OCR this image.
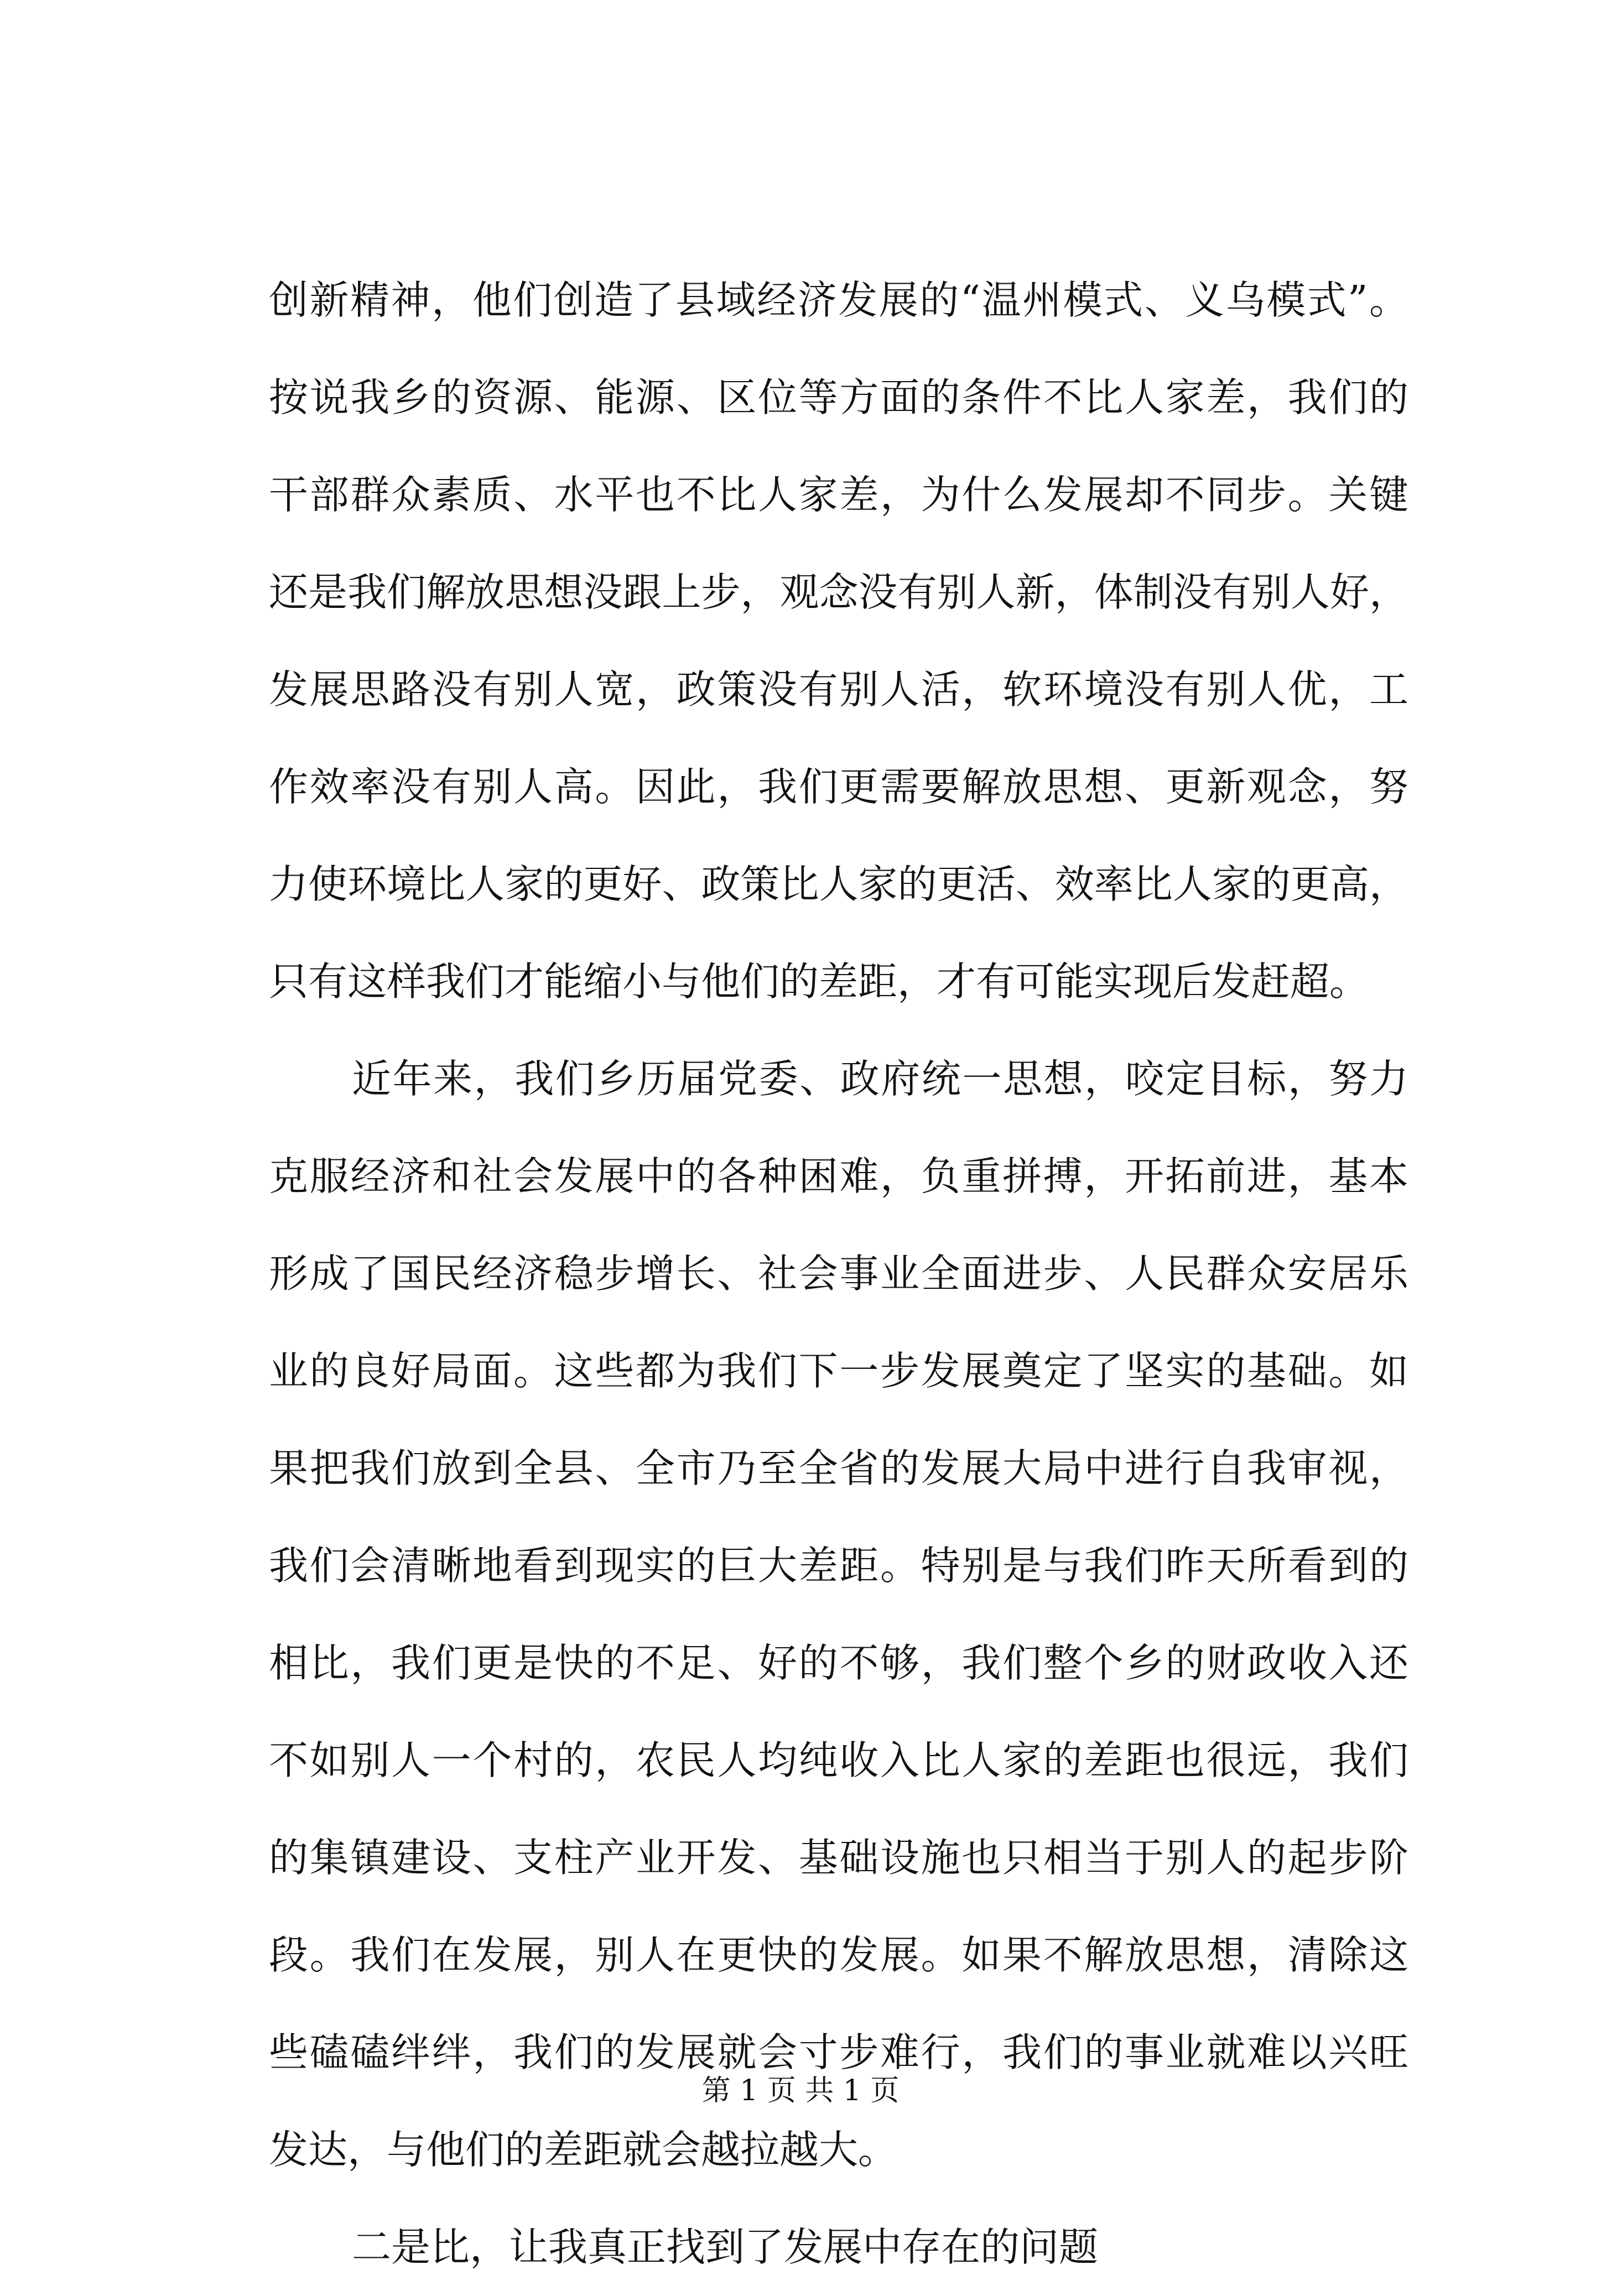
创新精神，他们创造了县域经济发展的“温州模式、义乌模式”。
按说我乡的资源、能源、区位等方面的条件不比人家差，我们的
干部群众素质、水平也不比人家差，为什么发展却不同步。关键
还是我们解放思想没跟上步，观念没有别人新，体制没有别人好，
发展思路没有别人宽，政策没有别人活，软环境没有别人优，工
作效率没有别人高。因此，我们更需要解放思想、更新观念，努
力使环境比人家的更好、政策比人家的更活、效率比人家的更高，
只有这样我们才能缩小与他们的差距，才有可能实现后发赶超。
近年来，我们乡历届党委、政府统一思想，咬定目标，努力
克服经济和社会发展中的各种困难，负重拼搏，开拓前进，基本
形成了国民经济稳步增长、社会事业全面进步、人民群众安居乐
业的良好局面。这些都为我们下一步发展奠定了坚实的基础。如
果把我们放到全县、全市乃至全省的发展大局中进行自我审视，
我们会清晰地看到现实的巨大差距。特别是与我们昨天所看到的
相比，我们更是快的不足、好的不够，我们整个乡的财政收入还
不如别人一个村的，农民人均纯收入比人家的差距也很远，我们
的集镇建设、支柱产业开发、基础设施也只相当于别人的起步阶
段。我们在发展，别人在更快的发展。如果不解放思想，清除这
些磕磕绊绊，我们的发展就会寸步难行，我们的事业就难以兴旺
发达，与他们的差距就会越拉越大。
二是比，让我真正找到了发展中存在的问题
第 1 页 共 1 页
